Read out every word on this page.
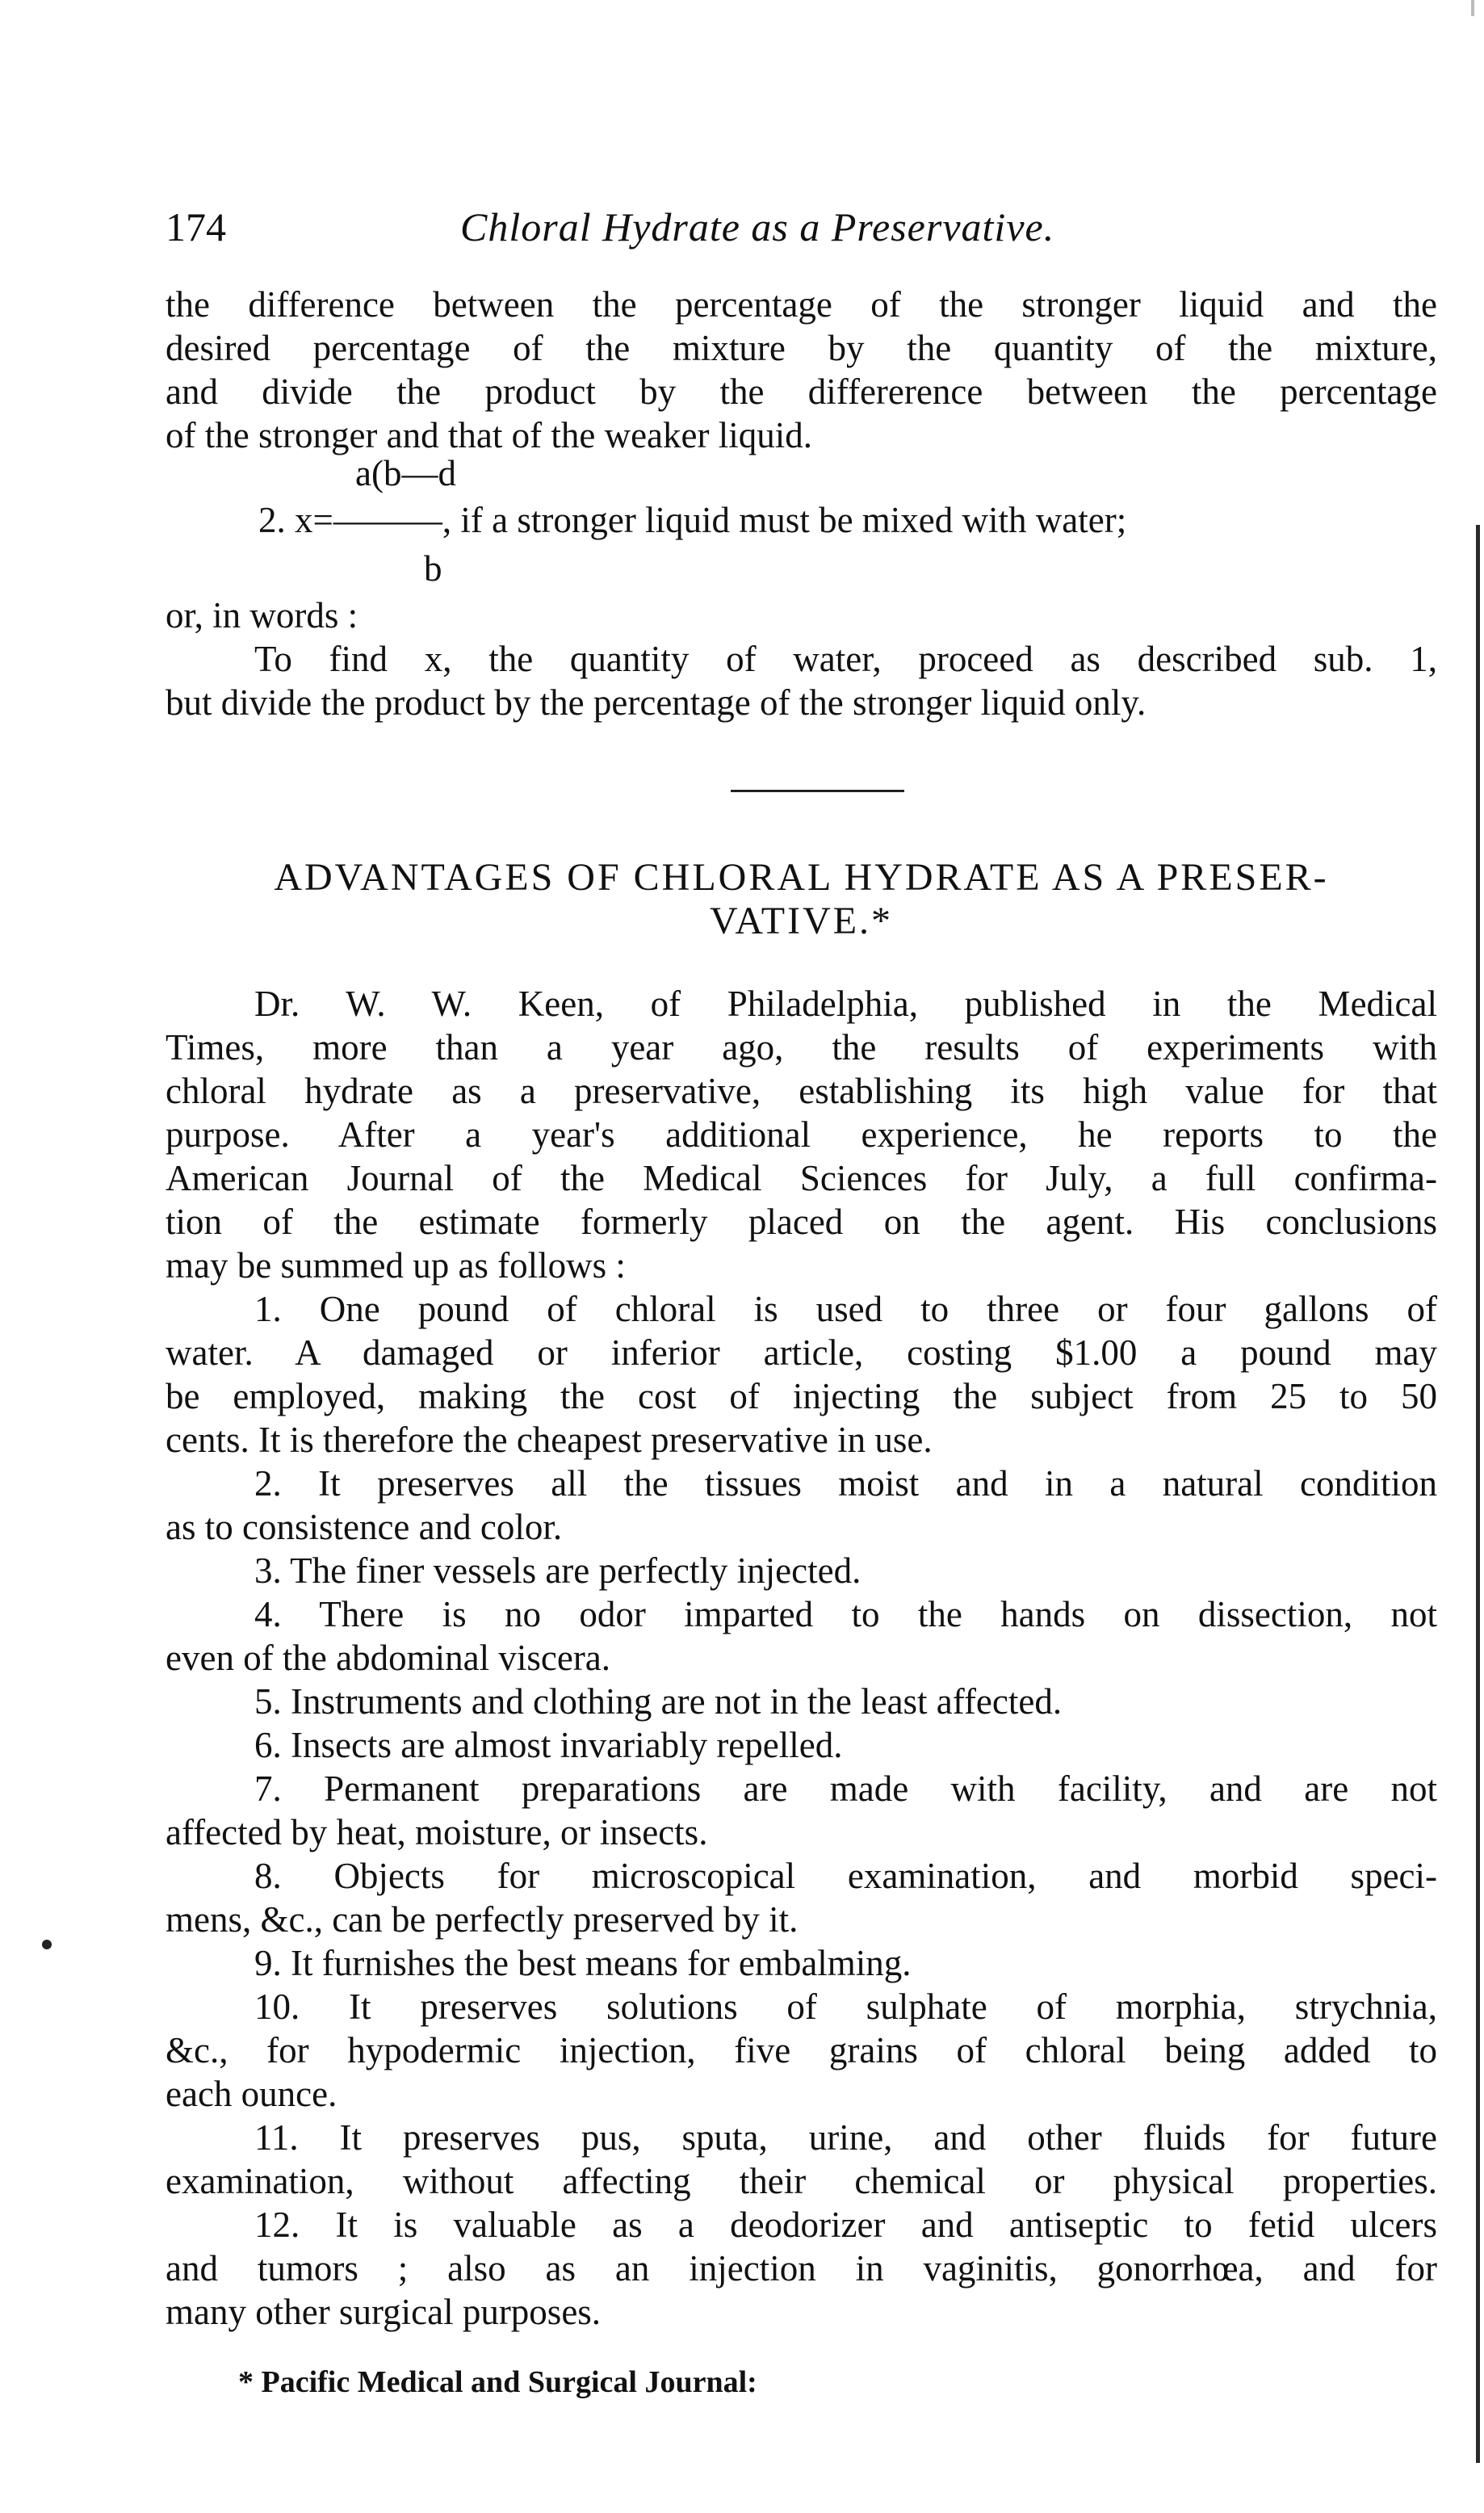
174	Chloral Hydrate as a Preservative.
the difference between the percentage of the stronger liquid and the
desired percentage of the mixture by the quantity of the mixture,
and divide the product by the differerence between the percentage
of the stronger and that of the weaker liquid.
a(b—d
2. x=———, if a stronger liquid must be mixed with water;
b
or, in words :
To find x, the quantity of water, proceed as described sub. 1,
but divide the product by the percentage of the stronger liquid only.
ADVANTAGES OF CHLORAL HYDRATE AS A PRESER-
VATIVE.*
Dr. W. W. Keen, of Philadelphia, published in the Medical
Times, more than a year ago, the results of experiments with
chloral hydrate as a preservative, establishing its high value for that
purpose. After a year's additional experience, he reports to the
American Journal of the Medical Sciences for July, a full confirma-
tion of the estimate formerly placed on the agent. His conclusions
may be summed up as follows :
1. One pound of chloral is used to three or four gallons of
water. A damaged or inferior article, costing $1.00 a pound may
be employed, making the cost of injecting the subject from 25 to 50
cents. It is therefore the cheapest preservative in use.
2. It preserves all the tissues moist and in a natural condition
as to consistence and color.
3. The finer vessels are perfectly injected.
4. There is no odor imparted to the hands on dissection, not
even of the abdominal viscera.
5. Instruments and clothing are not in the least affected.
6. Insects are almost invariably repelled.
7. Permanent preparations are made with facility, and are not
affected by heat, moisture, or insects.
8. Objects for microscopical examination, and morbid speci-
mens, &c., can be perfectly preserved by it.
9. It furnishes the best means for embalming.
10. It preserves solutions of sulphate of morphia, strychnia,
&c., for hypodermic injection, five grains of chloral being added to
each ounce.
11. It preserves pus, sputa, urine, and other fluids for future
examination, without affecting their chemical or physical properties.
12. It is valuable as a deodorizer and antiseptic to fetid ulcers
and tumors ; also as an injection in vaginitis, gonorrhœa, and for
many other surgical purposes.
* Pacific Medical and Surgical Journal:
